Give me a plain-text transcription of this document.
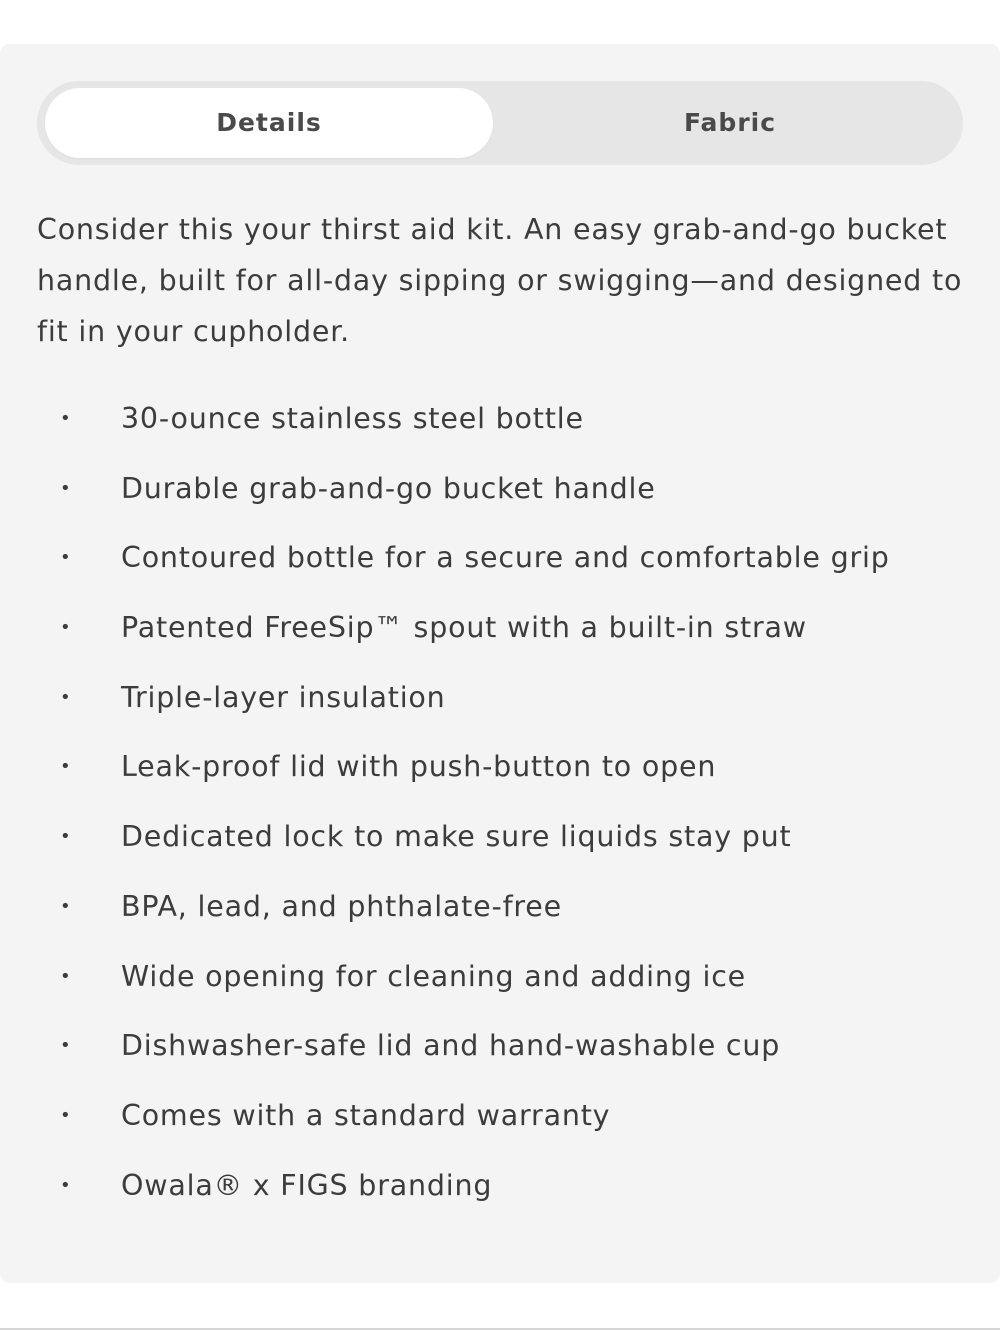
Details	Fabric

Consider this your thirst aid kit. An easy grab-and-go bucket handle, built for all-day sipping or swigging—and designed to fit in your cupholder.

• 30-ounce stainless steel bottle
• Durable grab-and-go bucket handle
• Contoured bottle for a secure and comfortable grip
• Patented FreeSip™ spout with a built-in straw
• Triple-layer insulation
• Leak-proof lid with push-button to open
• Dedicated lock to make sure liquids stay put
• BPA, lead, and phthalate-free
• Wide opening for cleaning and adding ice
• Dishwasher-safe lid and hand-washable cup
• Comes with a standard warranty
• Owala® x FIGS branding
